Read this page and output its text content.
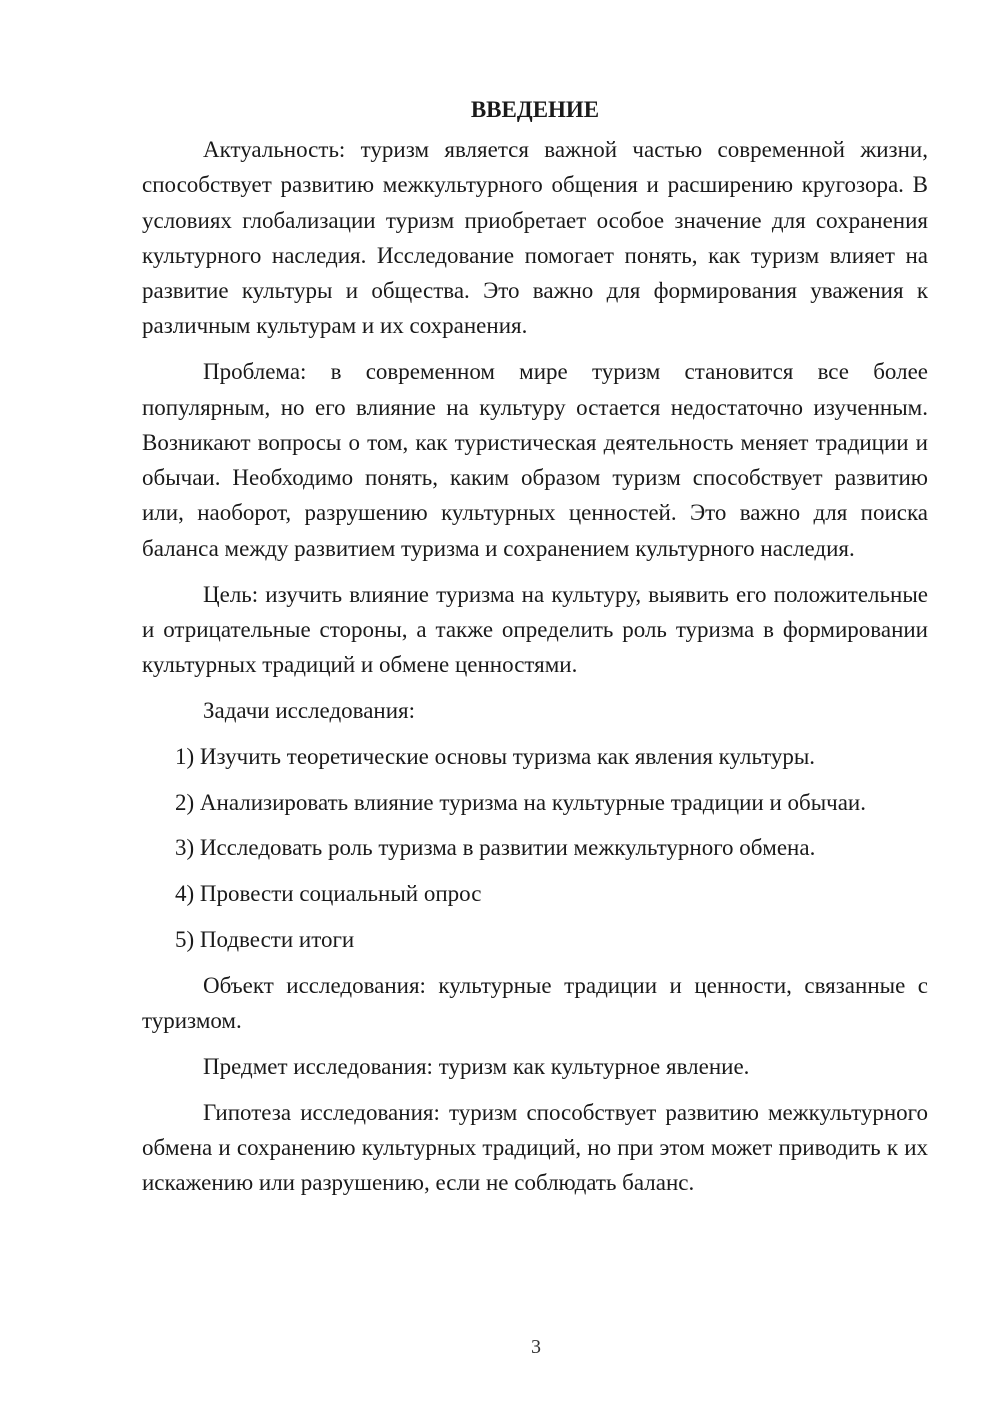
ВВЕДЕНИЕ

Актуальность: туризм является важной частью современной жизни, способствует развитию межкультурного общения и расширению кругозора. В условиях глобализации туризм приобретает особое значение для сохранения культурного наследия. Исследование помогает понять, как туризм влияет на развитие культуры и общества. Это важно для формирования уважения к различным культурам и их сохранения.

Проблема: в современном мире туризм становится все более популярным, но его влияние на культуру остается недостаточно изученным. Возникают вопросы о том, как туристическая деятельность меняет традиции и обычаи. Необходимо понять, каким образом туризм способствует развитию или, наоборот, разрушению культурных ценностей. Это важно для поиска баланса между развитием туризма и сохранением культурного наследия.

Цель: изучить влияние туризма на культуру, выявить его положительные и отрицательные стороны, а также определить роль туризма в формировании культурных традиций и обмене ценностями.

Задачи исследования:

1) Изучить теоретические основы туризма как явления культуры.

2) Анализировать влияние туризма на культурные традиции и обычаи.

3) Исследовать роль туризма в развитии межкультурного обмена.

4) Провести социальный опрос

5) Подвести итоги

Объект исследования: культурные традиции и ценности, связанные с туризмом.

Предмет исследования: туризм как культурное явление.

Гипотеза исследования: туризм способствует развитию межкультурного обмена и сохранению культурных традиций, но при этом может приводить к их искажению или разрушению, если не соблюдать баланс.

3
